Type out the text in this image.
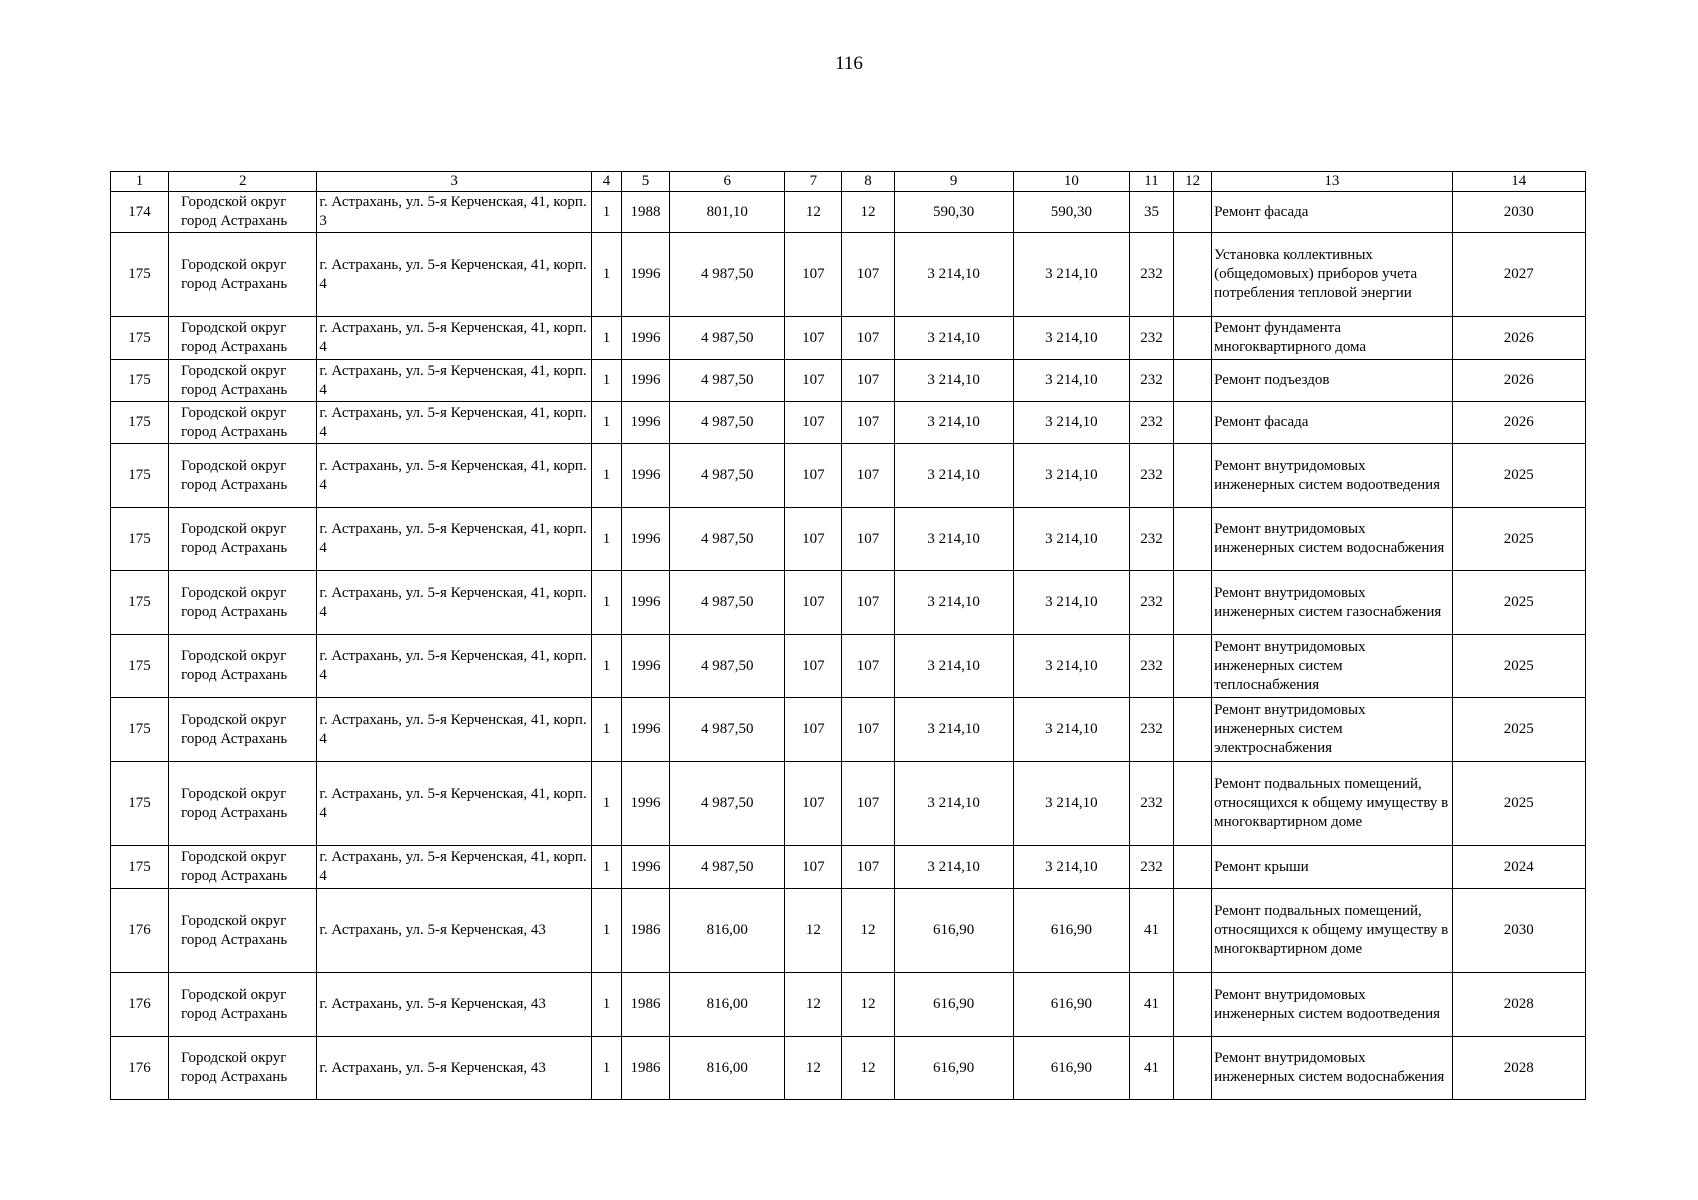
116
1	2	3	4	5	6	7	8	9	10	11	12	13	14
174	Городской округ город Астрахань	г. Астрахань, ул. 5-я Керченская, 41, корп. 3	1	1988	801,10	12	12	590,30	590,30	35		Ремонт фасада	2030
175	Городской округ город Астрахань	г. Астрахань, ул. 5-я Керченская, 41, корп. 4	1	1996	4 987,50	107	107	3 214,10	3 214,10	232		Установка коллективных (общедомовых) приборов учета потребления тепловой энергии	2027
175	Городской округ город Астрахань	г. Астрахань, ул. 5-я Керченская, 41, корп. 4	1	1996	4 987,50	107	107	3 214,10	3 214,10	232		Ремонт фундамента многоквартирного дома	2026
175	Городской округ город Астрахань	г. Астрахань, ул. 5-я Керченская, 41, корп. 4	1	1996	4 987,50	107	107	3 214,10	3 214,10	232		Ремонт подъездов	2026
175	Городской округ город Астрахань	г. Астрахань, ул. 5-я Керченская, 41, корп. 4	1	1996	4 987,50	107	107	3 214,10	3 214,10	232		Ремонт фасада	2026
175	Городской округ город Астрахань	г. Астрахань, ул. 5-я Керченская, 41, корп. 4	1	1996	4 987,50	107	107	3 214,10	3 214,10	232		Ремонт внутридомовых инженерных систем водоотведения	2025
175	Городской округ город Астрахань	г. Астрахань, ул. 5-я Керченская, 41, корп. 4	1	1996	4 987,50	107	107	3 214,10	3 214,10	232		Ремонт внутридомовых инженерных систем водоснабжения	2025
175	Городской округ город Астрахань	г. Астрахань, ул. 5-я Керченская, 41, корп. 4	1	1996	4 987,50	107	107	3 214,10	3 214,10	232		Ремонт внутридомовых инженерных систем газоснабжения	2025
175	Городской округ город Астрахань	г. Астрахань, ул. 5-я Керченская, 41, корп. 4	1	1996	4 987,50	107	107	3 214,10	3 214,10	232		Ремонт внутридомовых инженерных систем теплоснабжения	2025
175	Городской округ город Астрахань	г. Астрахань, ул. 5-я Керченская, 41, корп. 4	1	1996	4 987,50	107	107	3 214,10	3 214,10	232		Ремонт внутридомовых инженерных систем электроснабжения	2025
175	Городской округ город Астрахань	г. Астрахань, ул. 5-я Керченская, 41, корп. 4	1	1996	4 987,50	107	107	3 214,10	3 214,10	232		Ремонт подвальных помещений, относящихся к общему имуществу в многоквартирном доме	2025
175	Городской округ город Астрахань	г. Астрахань, ул. 5-я Керченская, 41, корп. 4	1	1996	4 987,50	107	107	3 214,10	3 214,10	232		Ремонт крыши	2024
176	Городской округ город Астрахань	г. Астрахань, ул. 5-я Керченская, 43	1	1986	816,00	12	12	616,90	616,90	41		Ремонт подвальных помещений, относящихся к общему имуществу в многоквартирном доме	2030
176	Городской округ город Астрахань	г. Астрахань, ул. 5-я Керченская, 43	1	1986	816,00	12	12	616,90	616,90	41		Ремонт внутридомовых инженерных систем водоотведения	2028
176	Городской округ город Астрахань	г. Астрахань, ул. 5-я Керченская, 43	1	1986	816,00	12	12	616,90	616,90	41		Ремонт внутридомовых инженерных систем водоснабжения	2028
